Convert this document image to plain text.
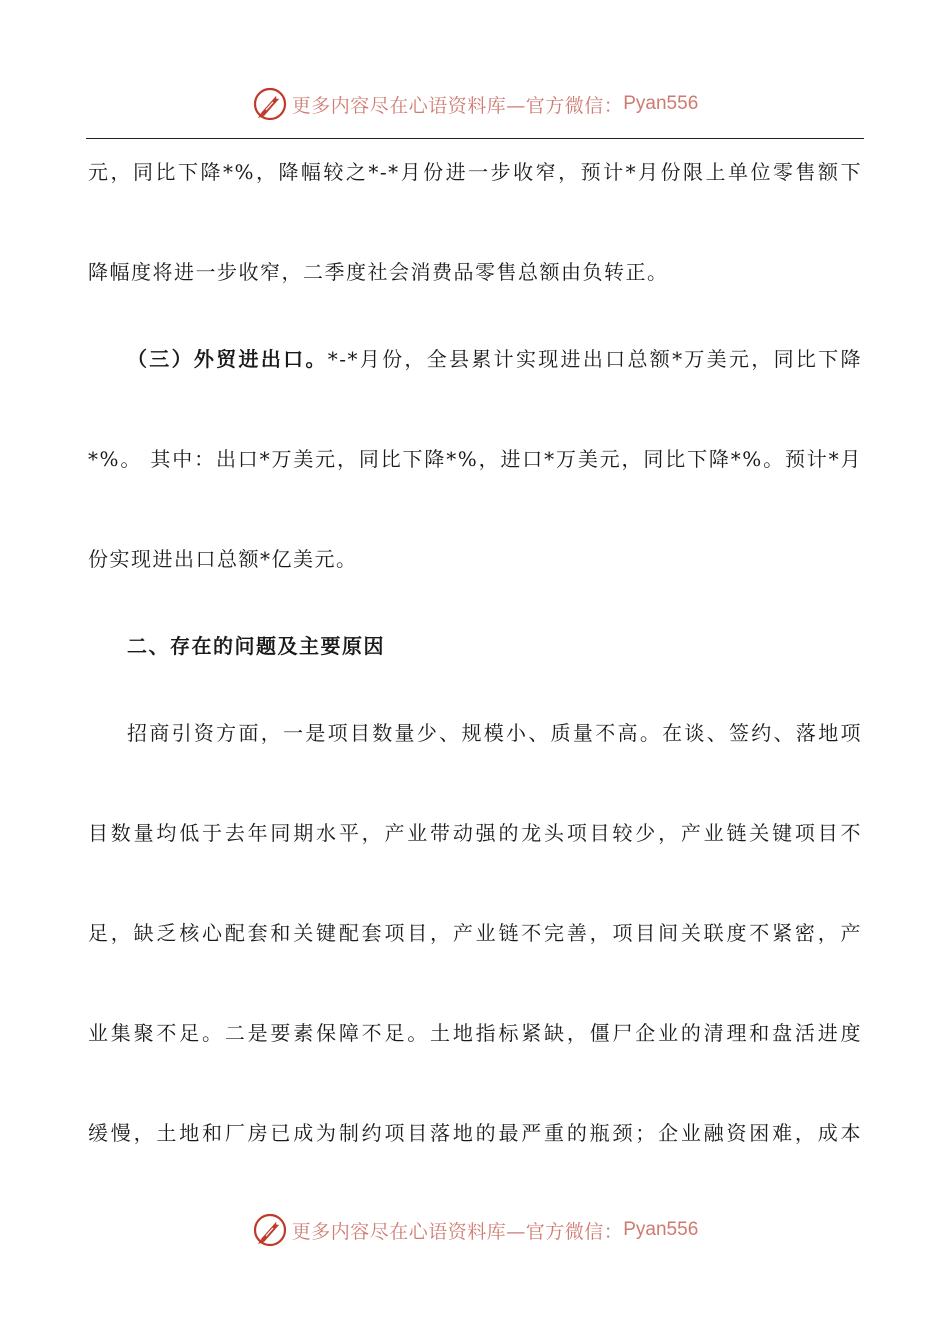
更多内容尽在心语资料库—官方微信： Pyan556
元，同比下降*%，降幅较之*-*月份进一步收窄，预计*月份限上单位零售额下
降幅度将进一步收窄，二季度社会消费品零售总额由负转正。
（三）外贸进出口。*-*月份，全县累计实现进出口总额*万美元，同比下降
*%。 其中：出口*万美元，同比下降*%，进口*万美元，同比下降*%。预计*月
份实现进出口总额*亿美元。
二、存在的问题及主要原因
招商引资方面，一是项目数量少、规模小、质量不高。在谈、签约、落地项
目数量均低于去年同期水平，产业带动强的龙头项目较少，产业链关键项目不
足，缺乏核心配套和关键配套项目，产业链不完善，项目间关联度不紧密，产
业集聚不足。二是要素保障不足。土地指标紧缺，僵尸企业的清理和盘活进度
缓慢，土地和厂房已成为制约项目落地的最严重的瓶颈；企业融资困难，成本
更多内容尽在心语资料库—官方微信： Pyan556
